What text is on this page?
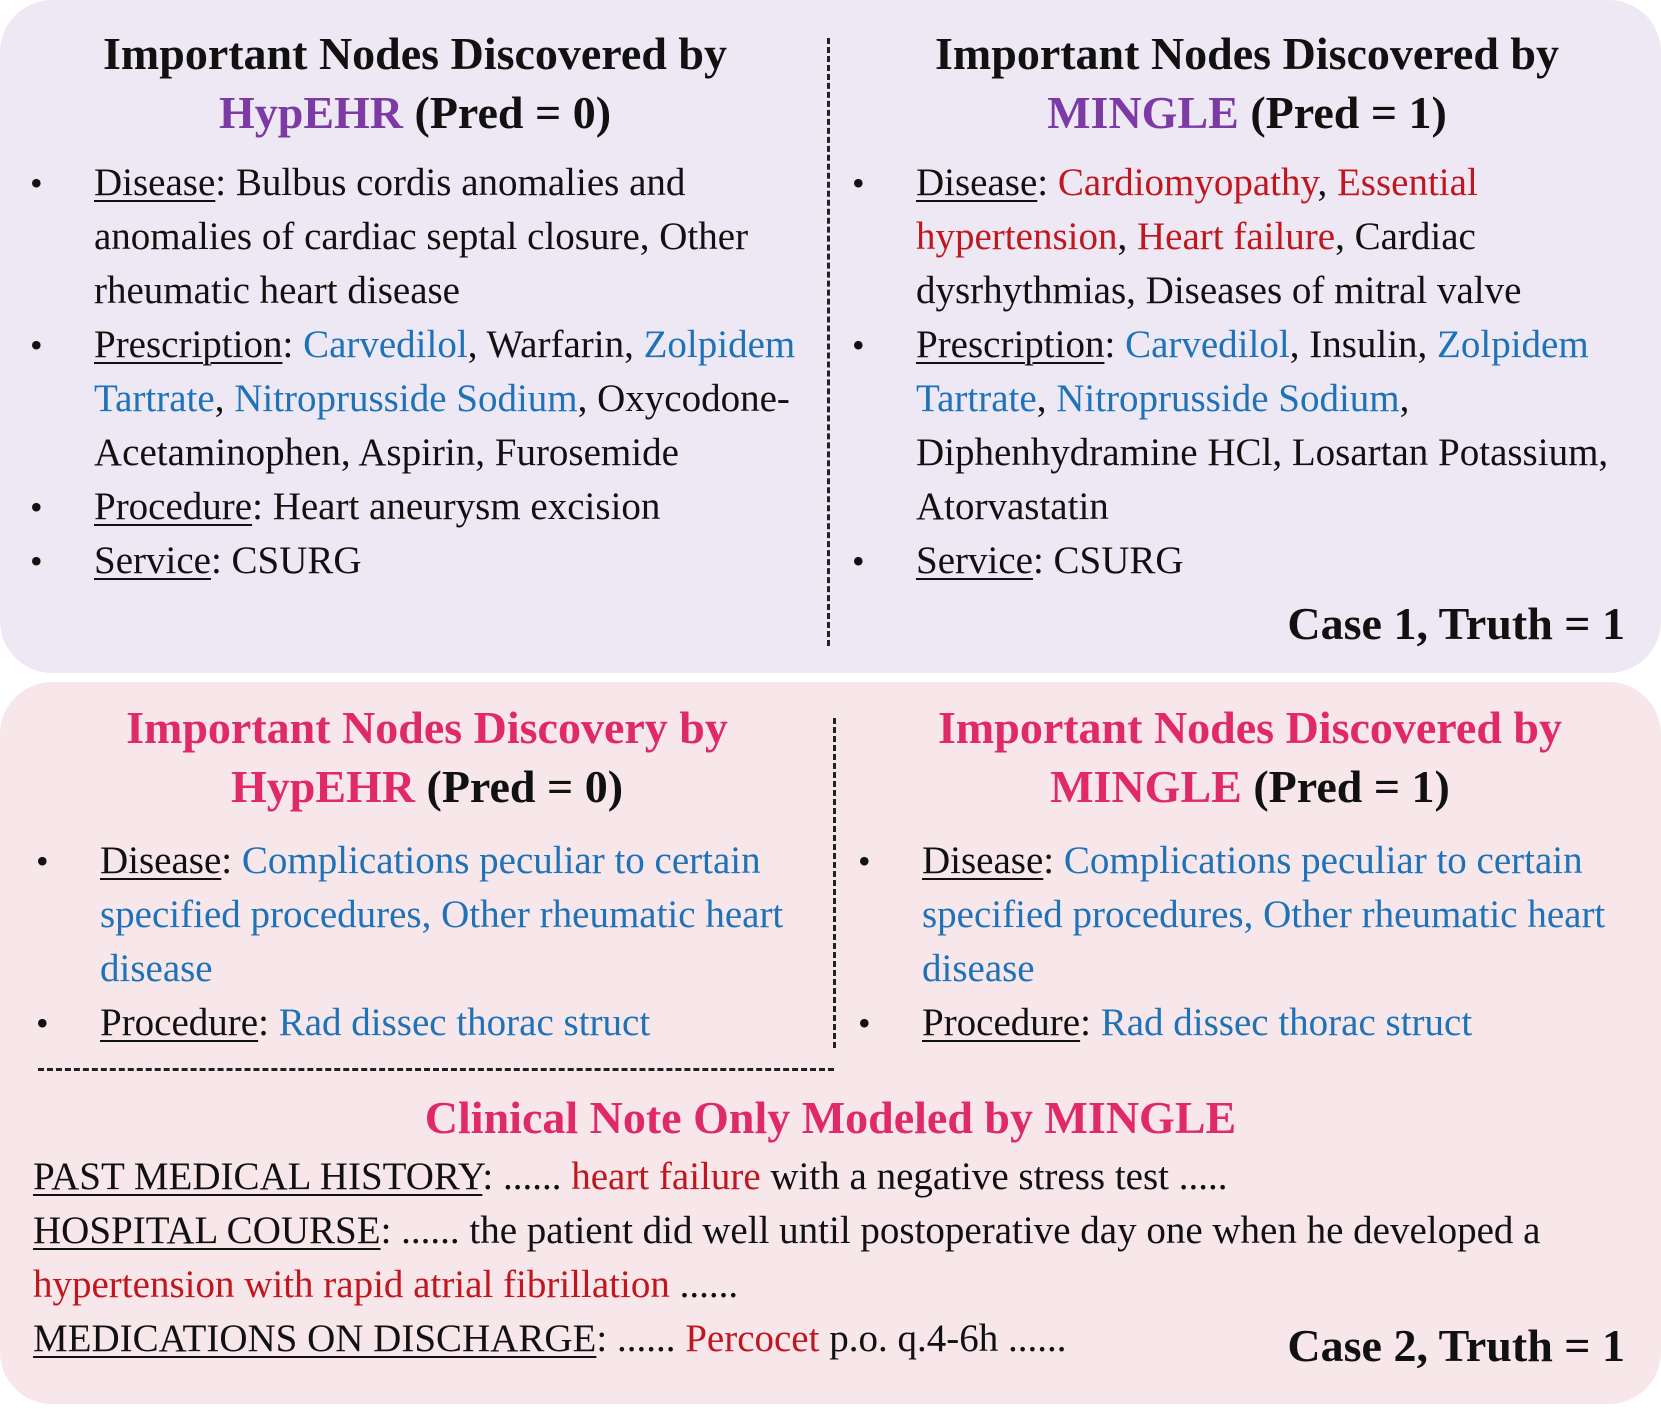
Important Nodes Discovered by HypEHR (Pred = 0)
• Disease: Bulbus cordis anomalies and anomalies of cardiac septal closure, Other rheumatic heart disease
• Prescription: Carvedilol, Warfarin, Zolpidem Tartrate, Nitroprusside Sodium, Oxycodone-Acetaminophen, Aspirin, Furosemide
• Procedure: Heart aneurysm excision
• Service: CSURG
Important Nodes Discovered by MINGLE (Pred = 1)
• Disease: Cardiomyopathy, Essential hypertension, Heart failure, Cardiac dysrhythmias, Diseases of mitral valve
• Prescription: Carvedilol, Insulin, Zolpidem Tartrate, Nitroprusside Sodium, Diphenhydramine HCl, Losartan Potassium, Atorvastatin
• Service: CSURG
Case 1, Truth = 1
Important Nodes Discovery by HypEHR (Pred = 0)
• Disease: Complications peculiar to certain specified procedures, Other rheumatic heart disease
• Procedure: Rad dissec thorac struct
Important Nodes Discovered by MINGLE (Pred = 1)
• Disease: Complications peculiar to certain specified procedures, Other rheumatic heart disease
• Procedure: Rad dissec thorac struct
Case 2, Truth = 1
Clinical Note Only Modeled by MINGLE
PAST MEDICAL HISTORY: ...... heart failure with a negative stress test .....
HOSPITAL COURSE: ...... the patient did well until postoperative day one when he developed a hypertension with rapid atrial fibrillation ......
MEDICATIONS ON DISCHARGE: ...... Percocet p.o. q.4-6h ......
